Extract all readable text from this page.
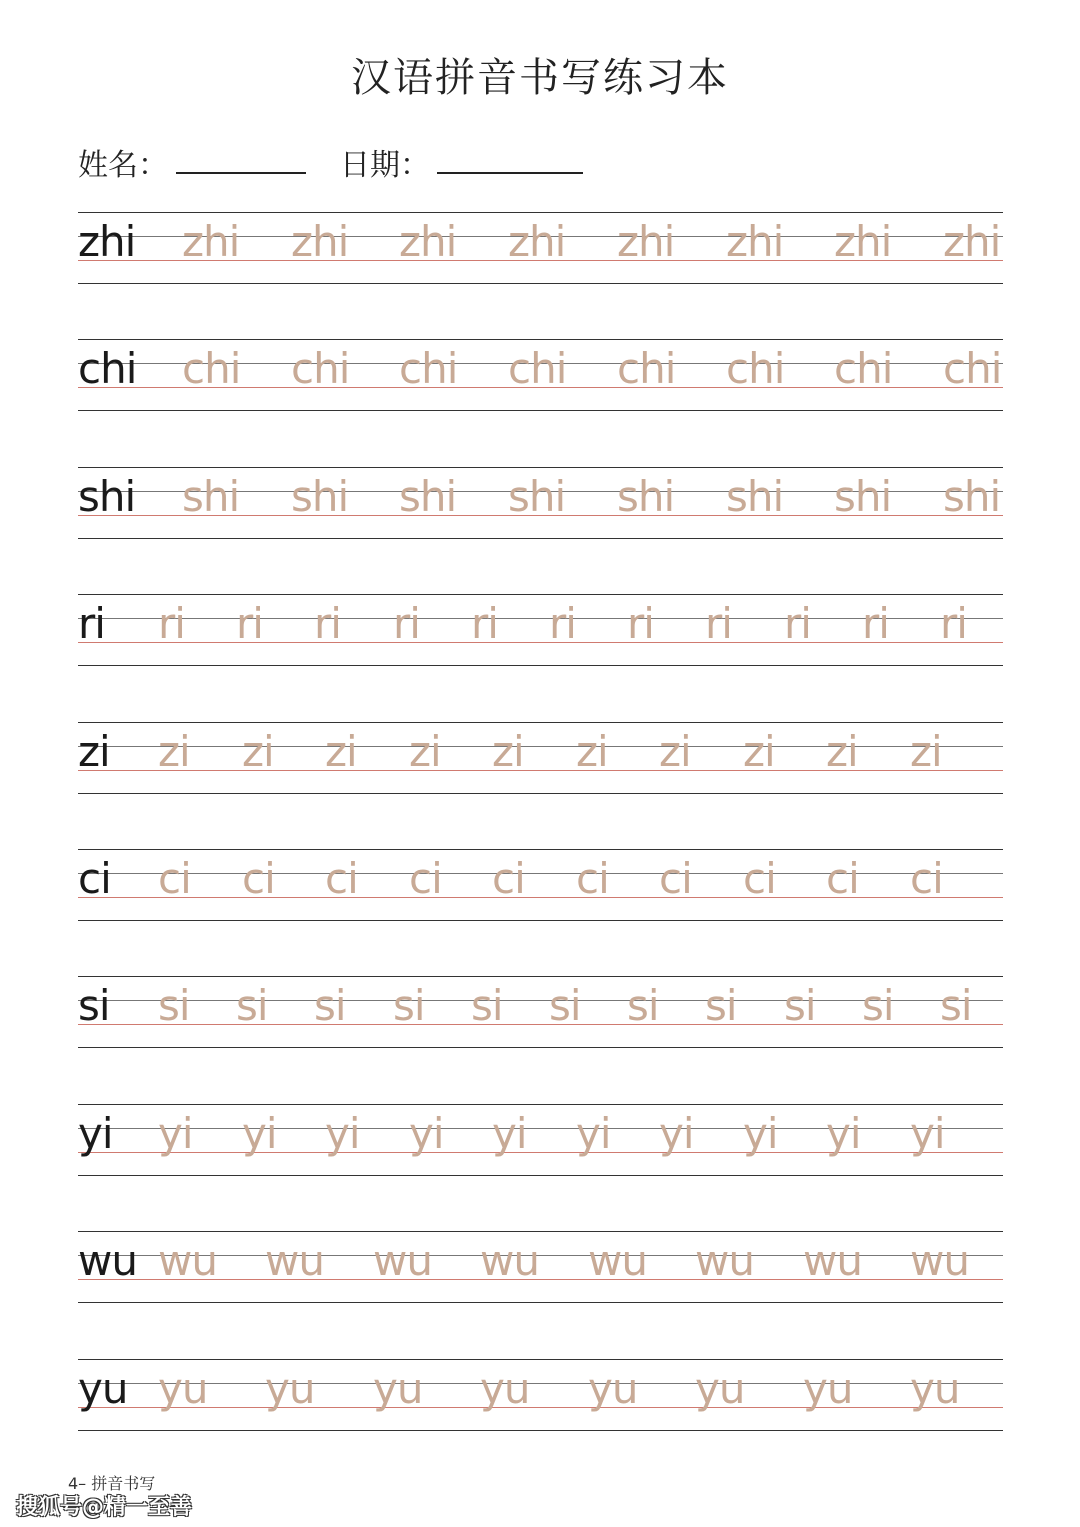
汉语拼音书写练习本
姓名：	日期：
zhi zhi zhi zhi zhi zhi zhi zhi zhi
chi chi chi chi chi chi chi chi chi
shi shi shi shi shi shi shi shi shi
ri ri ri ri ri ri ri ri ri ri ri ri
zi zi zi zi zi zi zi zi zi zi zi
ci ci ci ci ci ci ci ci ci ci ci
si si si si si si si si si si si si
yi yi yi yi yi yi yi yi yi yi yi
wu wu wu wu wu wu wu wu wu
yu yu yu yu yu yu yu yu yu
4– 拼音书写
搜狐号@精一至善
